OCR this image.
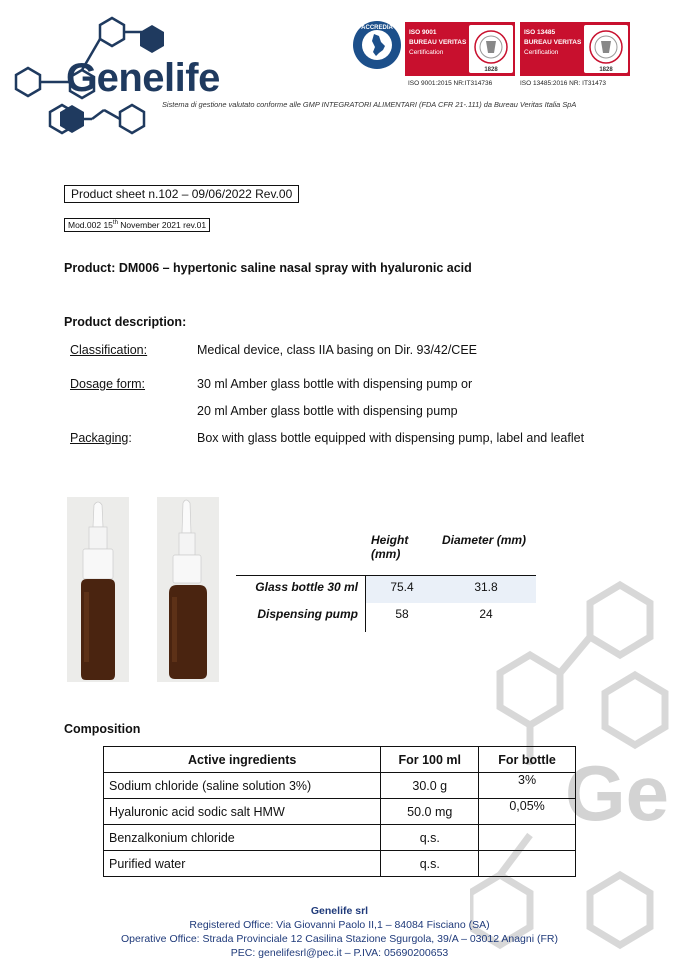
Ge
Genelife
Sistema di gestione valutato conforme alle GMP INTEGRATORI ALIMENTARI (FDA CFR 21-.111) da Bureau Veritas Italia SpA
ACCREDIA
ISO 9001
BUREAU VERITAS
Certification
1828
ISO 9001:2015 NR:IT314736
ISO 13485
BUREAU VERITAS
Certification
1828
ISO 13485:2016 NR: IT31473
Product sheet n.102 – 09/06/2022 Rev.00
Mod.002 15th November 2021 rev.01
Product: DM006 – hypertonic saline nasal spray with hyaluronic acid
Product description:
Classification:	Medical device, class IIA basing on Dir. 93/42/CEE
Dosage form:	30 ml Amber glass bottle with dispensing pump or
20 ml Amber glass bottle with dispensing pump
Packaging:	Box with glass bottle equipped with dispensing pump, label and leaflet
Height
(mm)
Diameter (mm)
Glass bottle 30 ml	75.4	31.8
Dispensing pump	58	24
Composition
Active ingredients	For 100 ml	For bottle
Sodium chloride (saline solution 3%)	30.0 g	3%
Hyaluronic acid sodic salt HMW	50.0 mg	0,05%
Benzalkonium chloride	q.s.	
Purified water	q.s.	
Genelife srl
Registered Office: Via Giovanni Paolo II,1 – 84084 Fisciano (SA)
Operative Office: Strada Provinciale 12 Casilina Stazione Sgurgola, 39/A – 03012 Anagni (FR)
PEC: genelifesrl@pec.it – P.IVA: 05690200653
